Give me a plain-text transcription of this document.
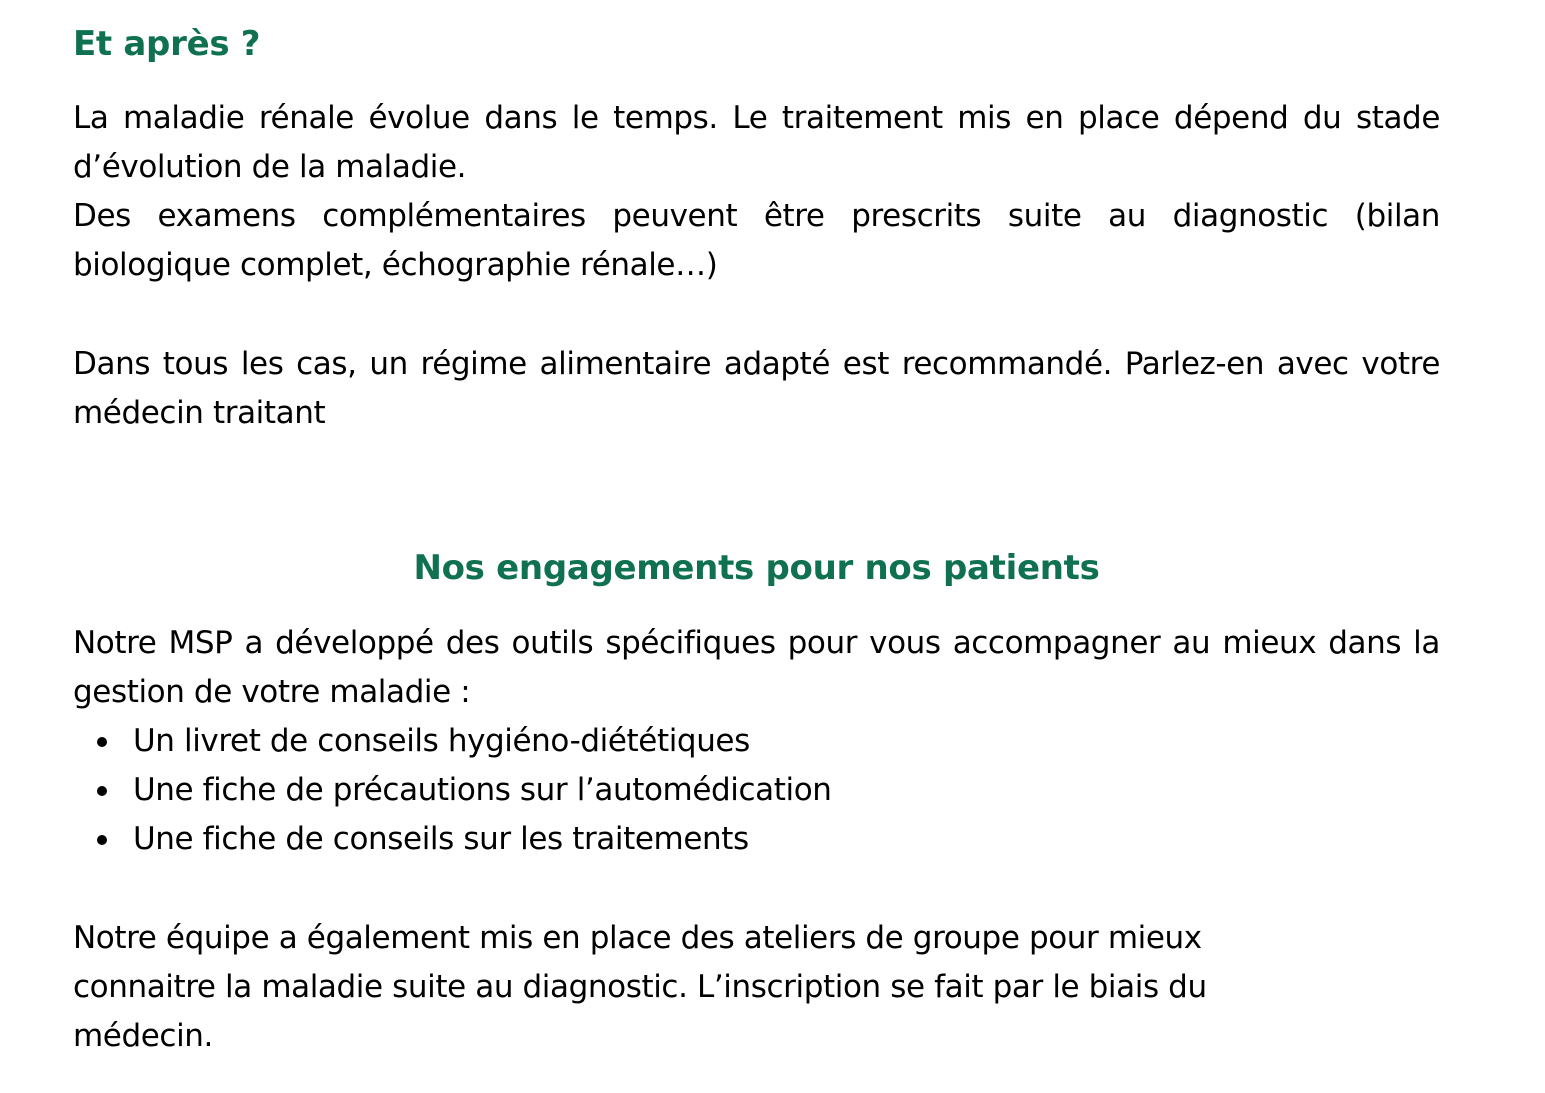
Et après ?

La maladie rénale évolue dans le temps. Le traitement mis en place dépend du stade d’évolution de la maladie.

Des examens complémentaires peuvent être prescrits suite au diagnostic (bilan biologique complet, échographie rénale…)

Dans tous les cas, un régime alimentaire adapté est recommandé. Parlez-en avec votre médecin traitant

Nos engagements pour nos patients

Notre MSP a développé des outils spécifiques pour vous accompagner au mieux dans la gestion de votre maladie :

Un livret de conseils hygiéno-diététiques
Une fiche de précautions sur l’automédication
Une fiche de conseils sur les traitements

Notre équipe a également mis en place des ateliers de groupe pour mieux connaitre la maladie suite au diagnostic. L’inscription se fait par le biais du médecin.
